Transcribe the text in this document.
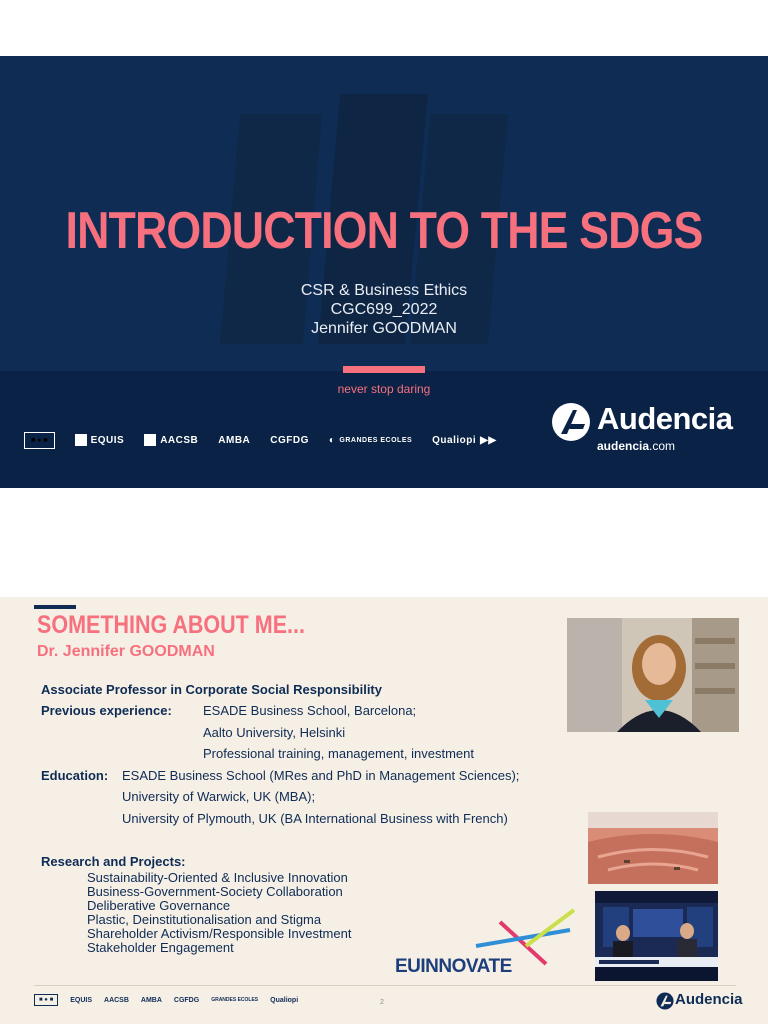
INTRODUCTION TO THE SDGS
CSR & Business Ethics
CGC699_2022
Jennifer GOODMAN
never stop daring
■ ● ■	EQUIS	AACSB AMBA CGFDG ◐ GRANDES ECOLES Qualiopi ▶▶
Audencia
audencia.com
SOMETHING ABOUT ME...
Dr. Jennifer GOODMAN
Associate Professor in Corporate Social Responsibility
Previous experience: ESADE Business School, Barcelona;
Aalto University, Helsinki
Professional training, management, investment
Education: ESADE Business School (MRes and PhD in Management Sciences);
University of Warwick, UK (MBA);
University of Plymouth, UK (BA International Business with French)
Research and Projects:
Sustainability-Oriented & Inclusive Innovation
Business-Government-Society Collaboration
Deliberative Governance
Plastic, Deinstitutionalisation and Stigma
Shareholder Activism/Responsible Investment
Stakeholder Engagement
EUINNOVATE
■ ● ■	EQUIS AACSB AMBA CGFDG GRANDES ECOLES Qualiopi	2	Audencia
